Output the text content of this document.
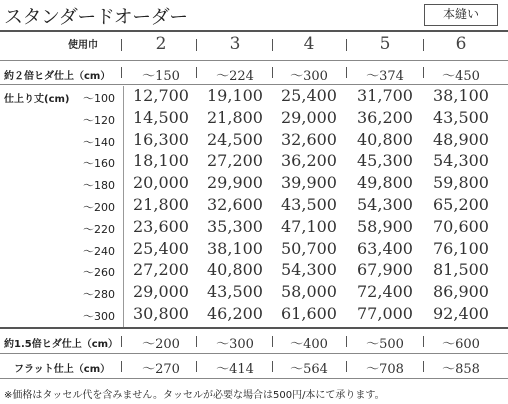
スタンダードオーダー	本縫い
使用巾	2	3	4	5	6
約２倍ヒダ仕上（cm）	～150	～224	～300	～374	～450
仕上り丈(cm) ～100	12,700	19,100	25,400	31,700	38,100
～120	14,500	21,800	29,000	36,200	43,500
～140	16,300	24,500	32,600	40,800	48,900
～160	18,100	27,200	36,200	45,300	54,300
～180	20,000	29,900	39,900	49,800	59,800
～200	21,800	32,600	43,500	54,300	65,200
～220	23,600	35,300	47,100	58,900	70,600
～240	25,400	38,100	50,700	63,400	76,100
～260	27,200	40,800	54,300	67,900	81,500
～280	29,000	43,500	58,000	72,400	86,900
～300	30,800	46,200	61,600	77,000	92,400
約1.5倍ヒダ仕上（cm）	～200	～300	～400	～500	～600
フラット仕上（cm）	～270	～414	～564	～708	～858
※価格はタッセル代を含みません。タッセルが必要な場合は500円/本にて承ります。
